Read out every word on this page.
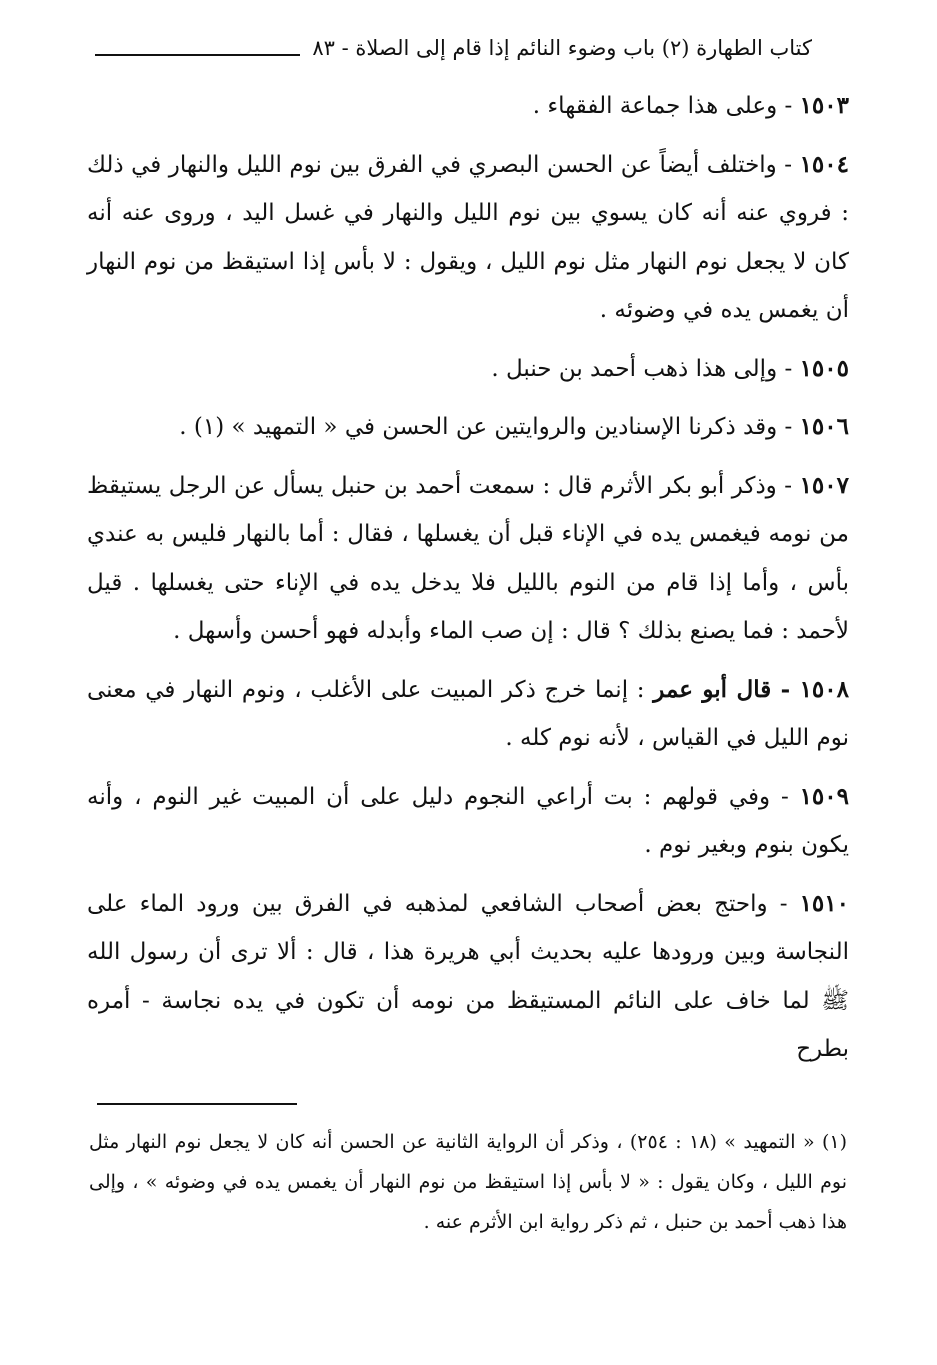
كتاب الطهارة (٢) باب وضوء النائم إذا قام إلى الصلاة - ٨٣

١٥٠٣ - وعلى هذا جماعة الفقهاء .

١٥٠٤ - واختلف أيضاً عن الحسن البصري في الفرق بين نوم الليل والنهار في ذلك : فروي عنه أنه كان يسوي بين نوم الليل والنهار في غسل اليد ، وروى عنه أنه كان لا يجعل نوم النهار مثل نوم الليل ، ويقول : لا بأس إذا استيقظ من نوم النهار أن يغمس يده في وضوئه .

١٥٠٥ - وإلى هذا ذهب أحمد بن حنبل .

١٥٠٦ - وقد ذكرنا الإسنادين والروايتين عن الحسن في « التمهيد » (١) .

١٥٠٧ - وذكر أبو بكر الأثرم قال : سمعت أحمد بن حنبل يسأل عن الرجل يستيقظ من نومه فيغمس يده في الإناء قبل أن يغسلها ، فقال : أما بالنهار فليس به عندي بأس ، وأما إذا قام من النوم بالليل فلا يدخل يده في الإناء حتى يغسلها . قيل لأحمد : فما يصنع بذلك ؟ قال : إن صب الماء وأبدله فهو أحسن وأسهل .

١٥٠٨ - قال أبو عمر : إنما خرج ذكر المبيت على الأغلب ، ونوم النهار في معنى نوم الليل في القياس ، لأنه نوم كله .

١٥٠٩ - وفي قولهم : بت أراعي النجوم دليل على أن المبيت غير النوم ، وأنه يكون بنوم وبغير نوم .

١٥١٠ - واحتج بعض أصحاب الشافعي لمذهبه في الفرق بين ورود الماء على النجاسة وبين ورودها عليه بحديث أبي هريرة هذا ، قال : ألا ترى أن رسول الله ﷺ لما خاف على النائم المستيقظ من نومه أن تكون في يده نجاسة - أمره بطرح

(١) « التمهيد » (١٨ : ٢٥٤) ، وذكر أن الرواية الثانية عن الحسن أنه كان لا يجعل نوم النهار مثل نوم الليل ، وكان يقول : « لا بأس إذا استيقظ من نوم النهار أن يغمس يده في وضوئه » ، وإلى هذا ذهب أحمد بن حنبل ، ثم ذكر رواية ابن الأثرم عنه .
